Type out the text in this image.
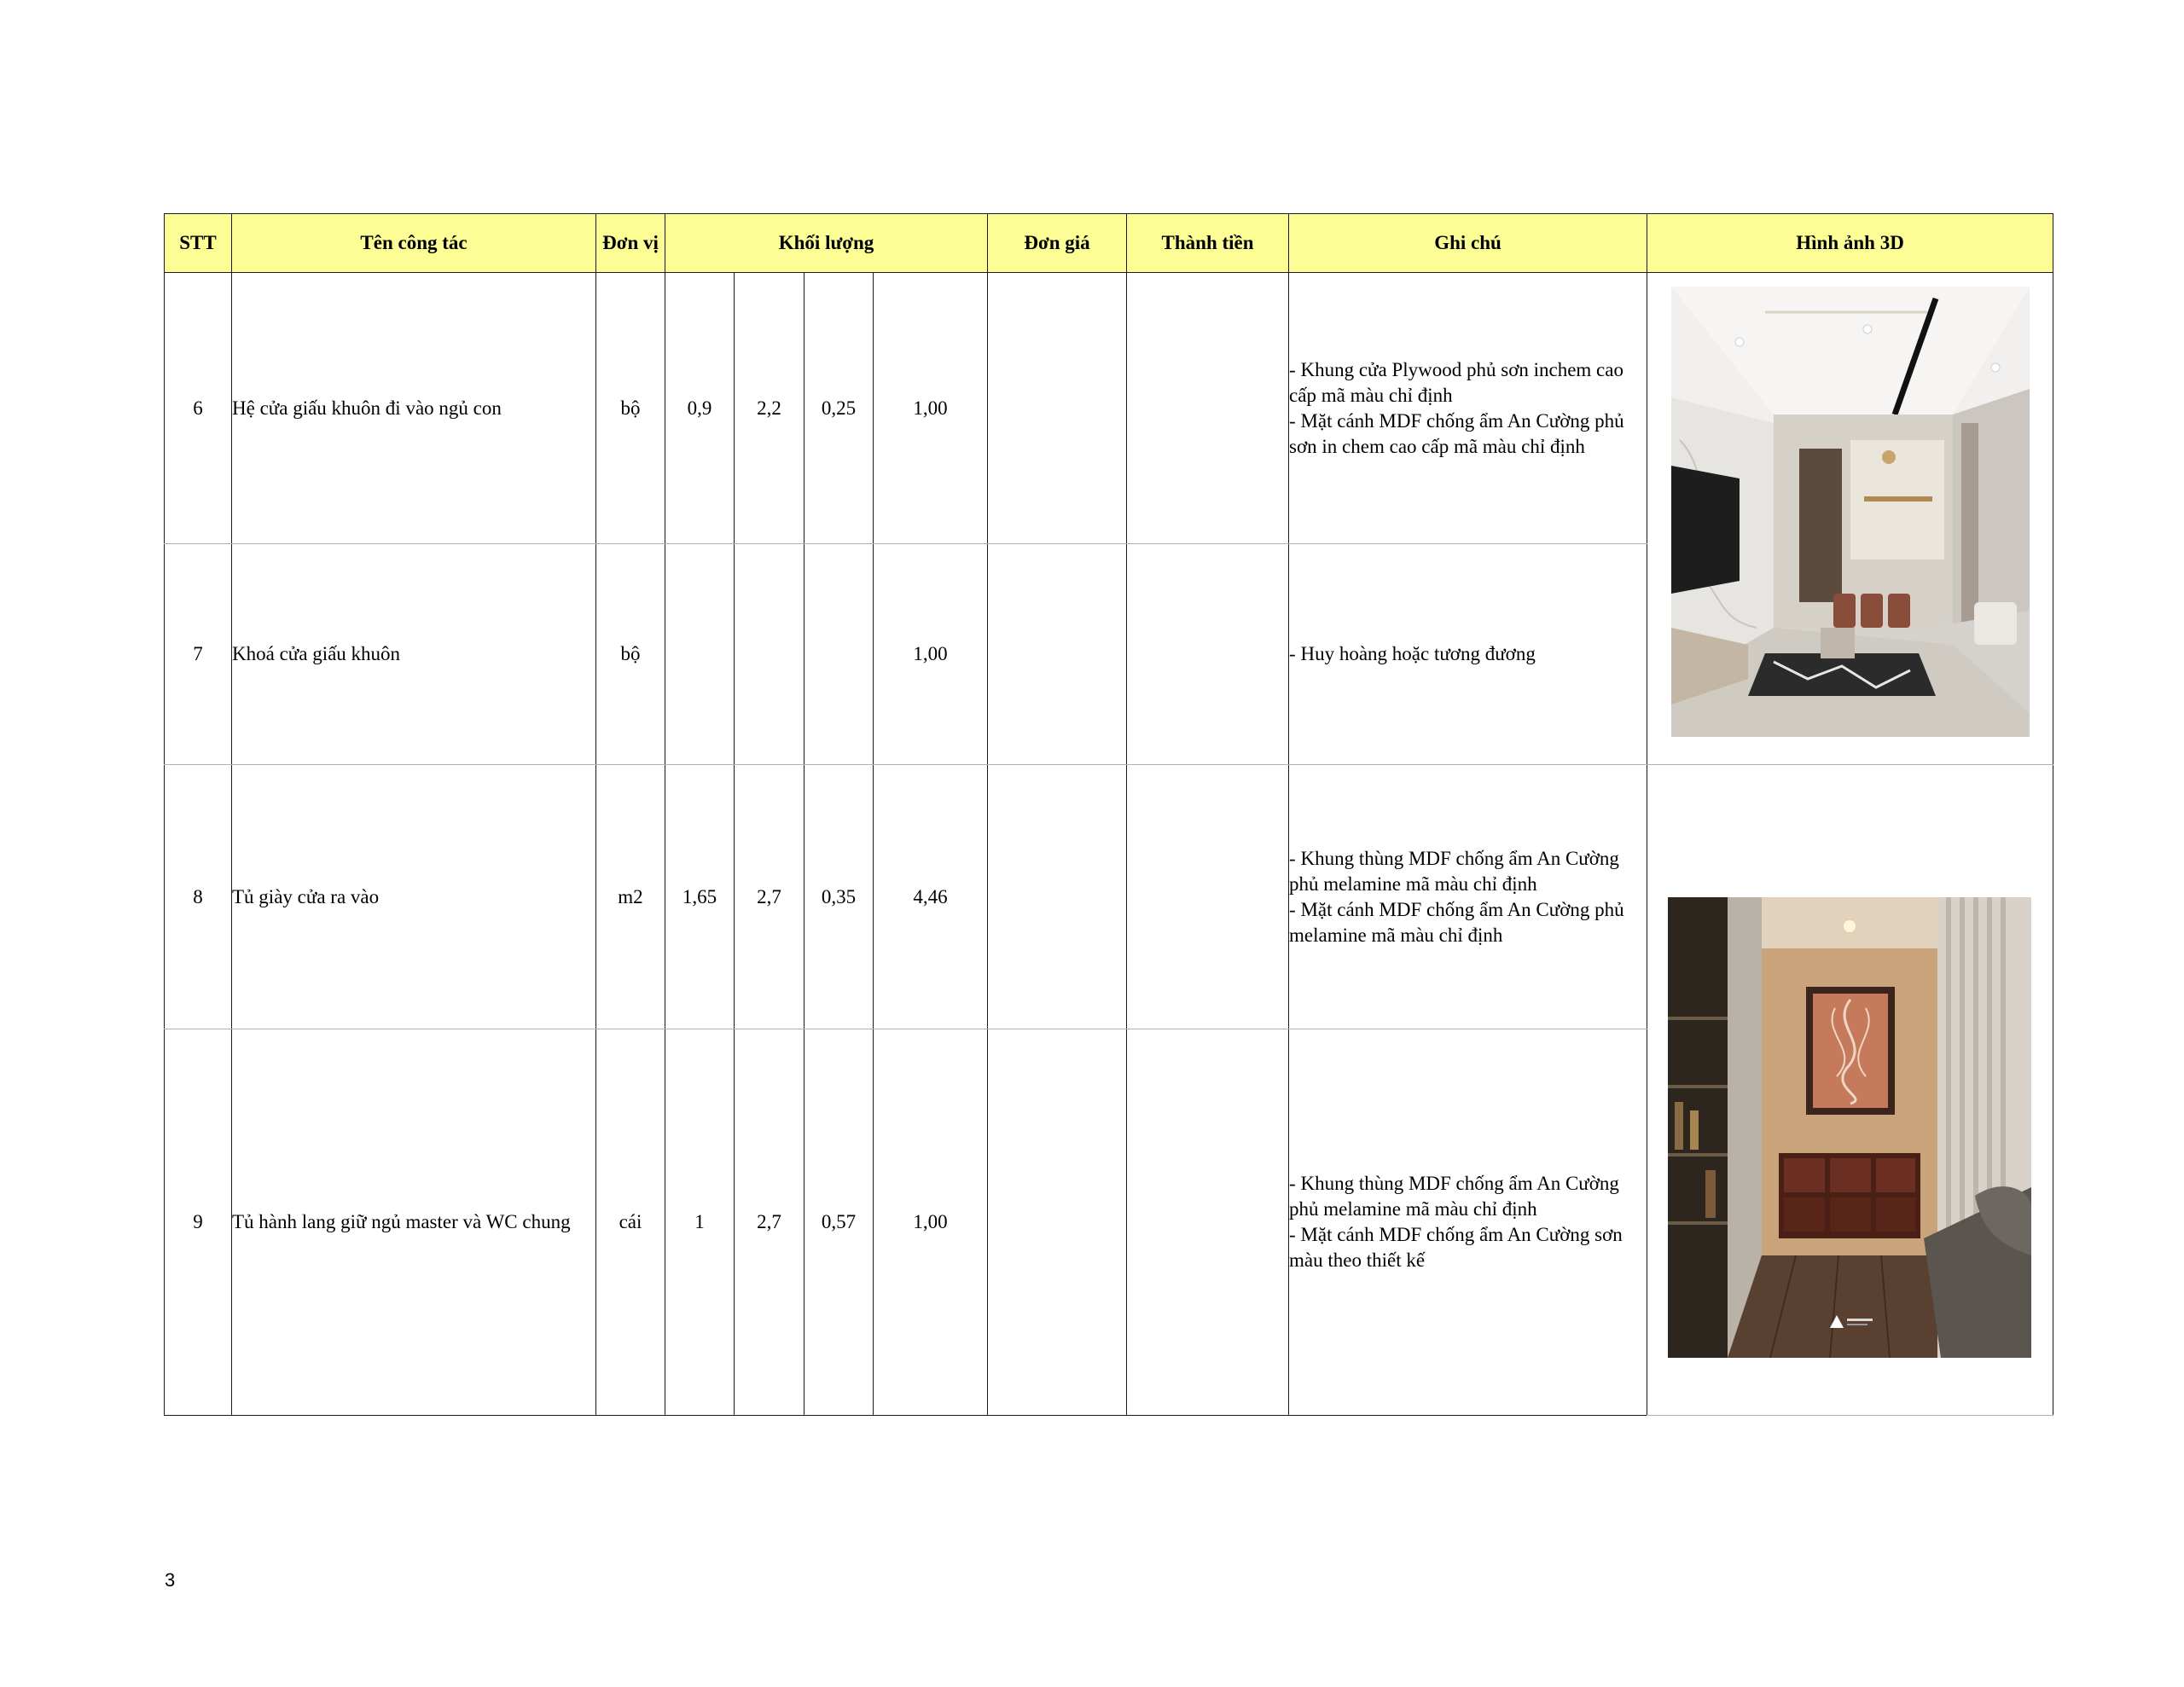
STT	Tên công tác	Đơn vị	Khối lượng				Đơn giá	Thành tiền	Ghi chú	Hình ảnh 3D
6	Hệ cửa giấu khuôn đi vào ngủ con	bộ	0,9	2,2	0,25	1,00			- Khung cửa Plywood phủ sơn inchem cao cấp mã màu chỉ định
- Mặt cánh MDF chống ẩm An Cường phủ sơn in chem cao cấp mã màu chỉ định	

7	Khoá cửa giấu khuôn	bộ				1,00			- Huy hoàng hoặc tương đương	
8	Tủ giày cửa ra vào	m2	1,65	2,7	0,35	4,46			- Khung thùng MDF chống ẩm An Cường phủ melamine mã màu chỉ định
- Mặt cánh MDF chống ẩm An Cường phủ melamine mã màu chỉ định	

9	Tủ hành lang giữ ngủ master và WC chung	cái	1	2,7	0,57	1,00			- Khung thùng MDF chống ẩm An Cường phủ melamine mã màu chỉ định
- Mặt cánh MDF chống ẩm An Cường sơn màu theo thiết kế	
3
